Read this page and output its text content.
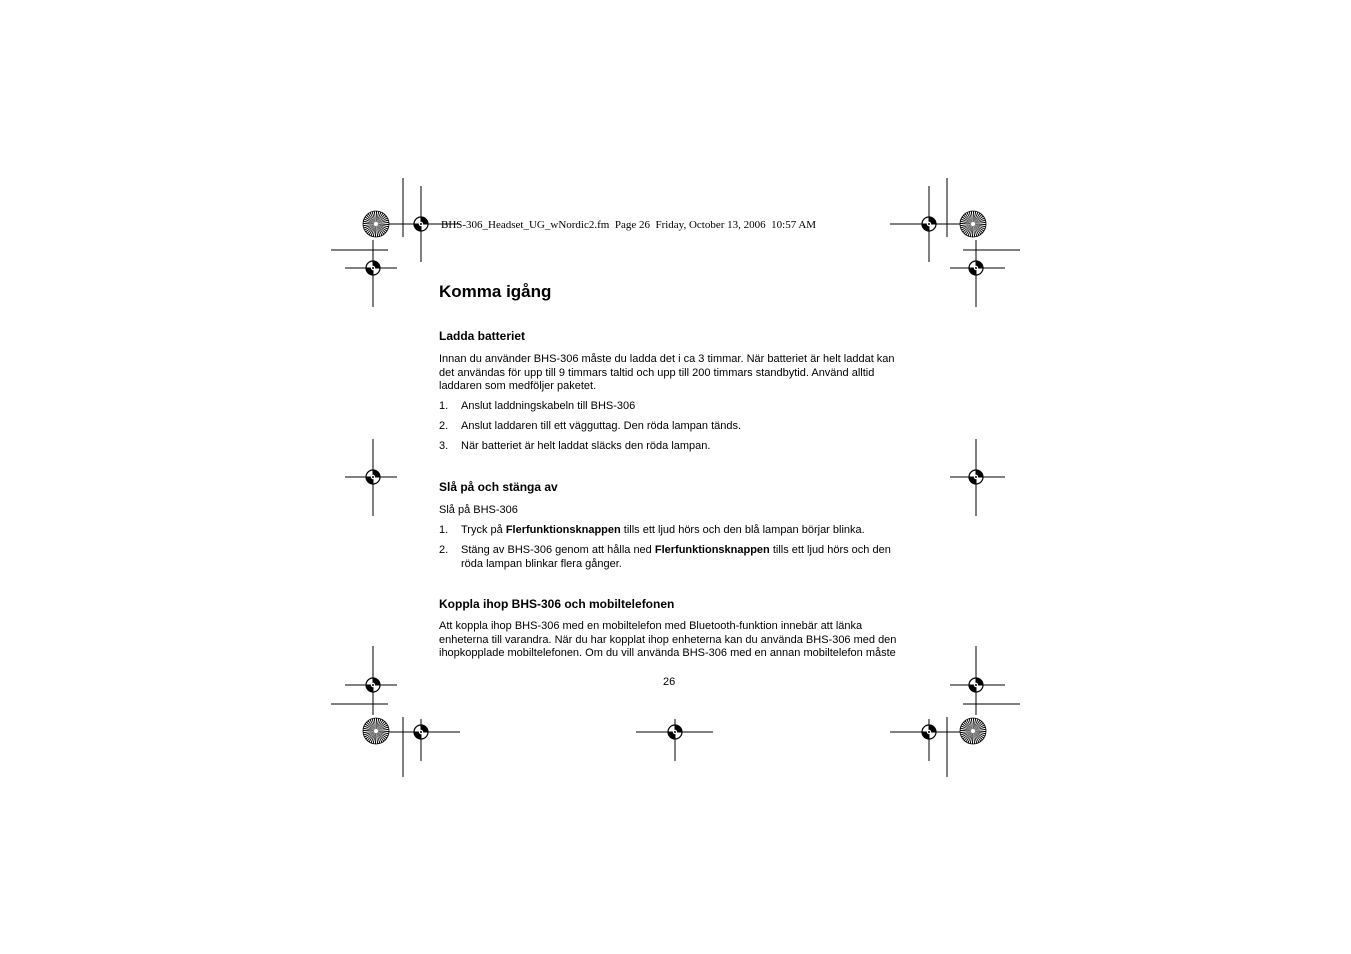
BHS-306_Headset_UG_wNordic2.fm  Page 26  Friday, October 13, 2006  10:57 AM
Komma igång
Ladda batteriet
Innan du använder BHS-306 måste du ladda det i ca 3 timmar. När batteriet är helt laddat kan det användas för upp till 9 timmars taltid och upp till 200 timmars standbytid. Använd alltid laddaren som medföljer paketet.
1.	Anslut laddningskabeln till BHS-306
2.	Anslut laddaren till ett vägguttag. Den röda lampan tänds.
3.	När batteriet är helt laddat släcks den röda lampan.
Slå på och stänga av
Slå på BHS-306
1.	Tryck på Flerfunktionsknappen tills ett ljud hörs och den blå lampan börjar blinka.
2.	Stäng av BHS-306 genom att hålla ned Flerfunktionsknappen tills ett ljud hörs och den röda lampan blinkar flera gånger.
Koppla ihop BHS-306 och mobiltelefonen
Att koppla ihop BHS-306 med en mobiltelefon med Bluetooth-funktion innebär att länka enheterna till varandra. När du har kopplat ihop enheterna kan du använda BHS-306 med den ihopkopplade mobiltelefonen. Om du vill använda BHS-306 med en annan mobiltelefon måste
26
